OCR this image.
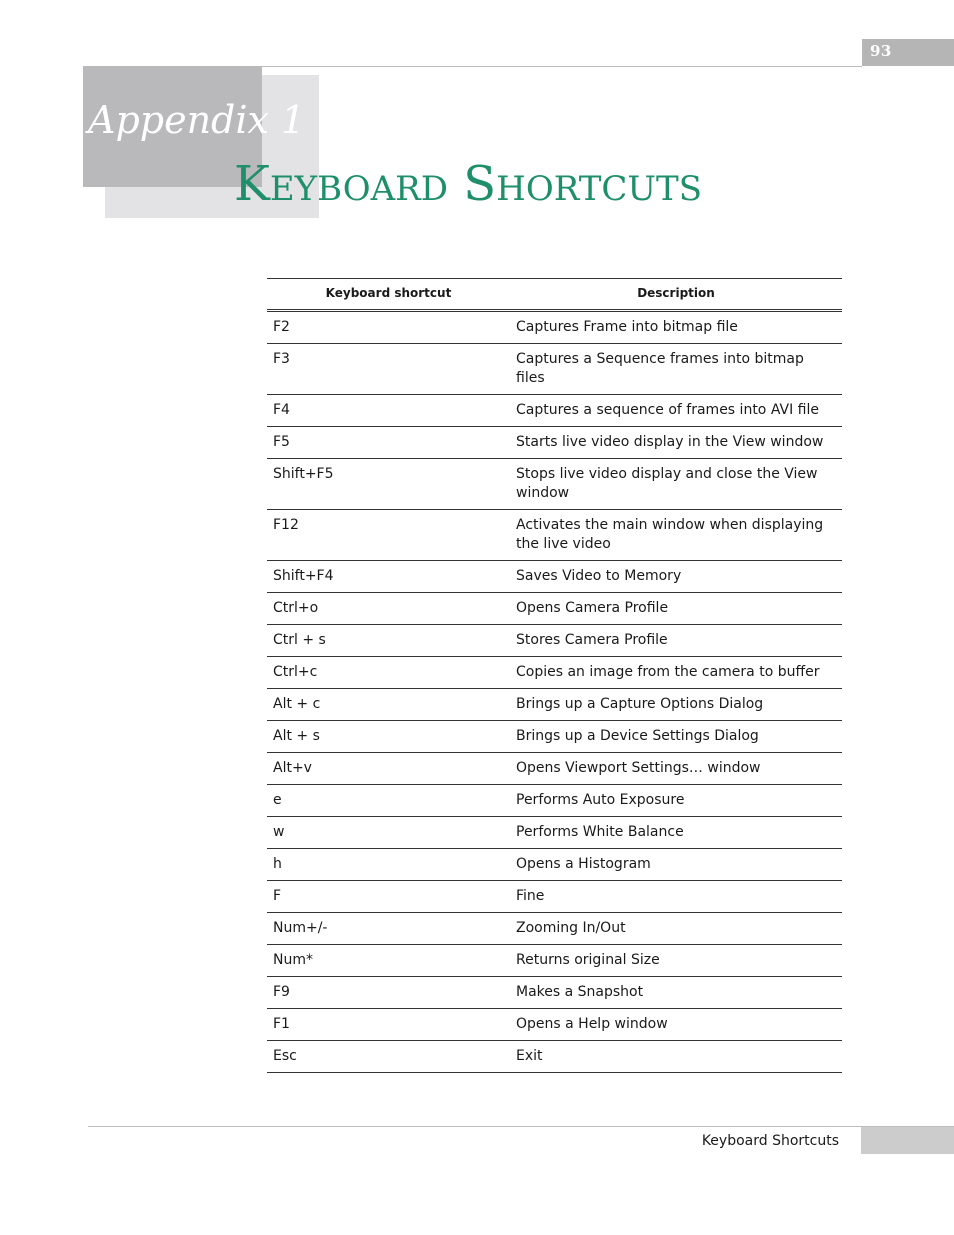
93
Appendix 1
Keyboard Shortcuts
Keyboard shortcut	Description
F2	Captures Frame into bitmap file
F3	Captures a Sequence frames into bitmap files
F4	Captures a sequence of frames into AVI file
F5	Starts live video display in the View window
Shift+F5	Stops live video display and close the View window
F12	Activates the main window when displaying the live video
Shift+F4	Saves Video to Memory
Ctrl+o	Opens Camera Profile
Ctrl + s	Stores Camera Profile
Ctrl+c	Copies an image from the camera to buffer
Alt + c	Brings up a Capture Options Dialog
Alt + s	Brings up a Device Settings Dialog
Alt+v	Opens Viewport Settings… window
e	Performs Auto Exposure
w	Performs White Balance
h	Opens a Histogram
F	Fine
Num+/-	Zooming In/Out
Num*	Returns original Size
F9	Makes a Snapshot
F1	Opens a Help window
Esc	Exit
Keyboard Shortcuts
